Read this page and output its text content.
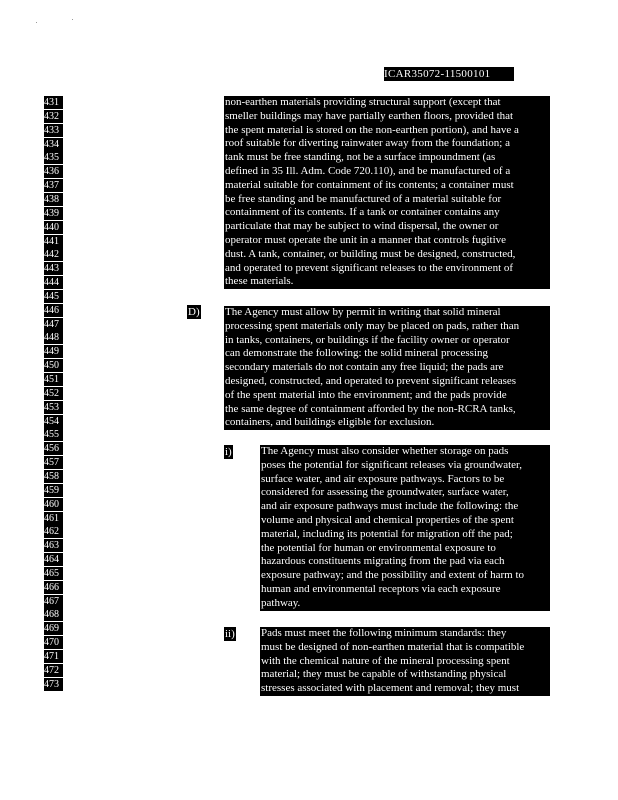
ICAR35072-11500101
431
432
433
434
435
436
437
438
439
440
441
442
443
444
445
446
447
448
449
450
451
452
453
454
455
456
457
458
459
460
461
462
463
464
465
466
467
468
469
470
471
472
473
non-earthen materials providing structural support (except that
smeller buildings may have partially earthen floors, provided that
the spent material is stored on the non-earthen portion), and have a
roof suitable for diverting rainwater away from the foundation; a
tank must be free standing, not be a surface impoundment (as
defined in 35 Ill. Adm. Code 720.110), and be manufactured of a
material suitable for containment of its contents; a container must
be free standing and be manufactured of a material suitable for
containment of its contents. If a tank or container contains any
particulate that may be subject to wind dispersal, the owner or
operator must operate the unit in a manner that controls fugitive
dust. A tank, container, or building must be designed, constructed,
and operated to prevent significant releases to the environment of
these materials.
D) The Agency must allow by permit in writing that solid mineral
processing spent materials only may be placed on pads, rather than
in tanks, containers, or buildings if the facility owner or operator
can demonstrate the following: the solid mineral processing
secondary materials do not contain any free liquid; the pads are
designed, constructed, and operated to prevent significant releases
of the spent material into the environment; and the pads provide
the same degree of containment afforded by the non-RCRA tanks,
containers, and buildings eligible for exclusion.
i)	The Agency must also consider whether storage on pads
poses the potential for significant releases via groundwater,
surface water, and air exposure pathways. Factors to be
considered for assessing the groundwater, surface water,
and air exposure pathways must include the following: the
volume and physical and chemical properties of the spent
material, including its potential for migration off the pad;
the potential for human or environmental exposure to
hazardous constituents migrating from the pad via each
exposure pathway; and the possibility and extent of harm to
human and environmental receptors via each exposure
pathway.
ii) Pads must meet the following minimum standards: they
must be designed of non-earthen material that is compatible
with the chemical nature of the mineral processing spent
material; they must be capable of withstanding physical
stresses associated with placement and removal; they must
